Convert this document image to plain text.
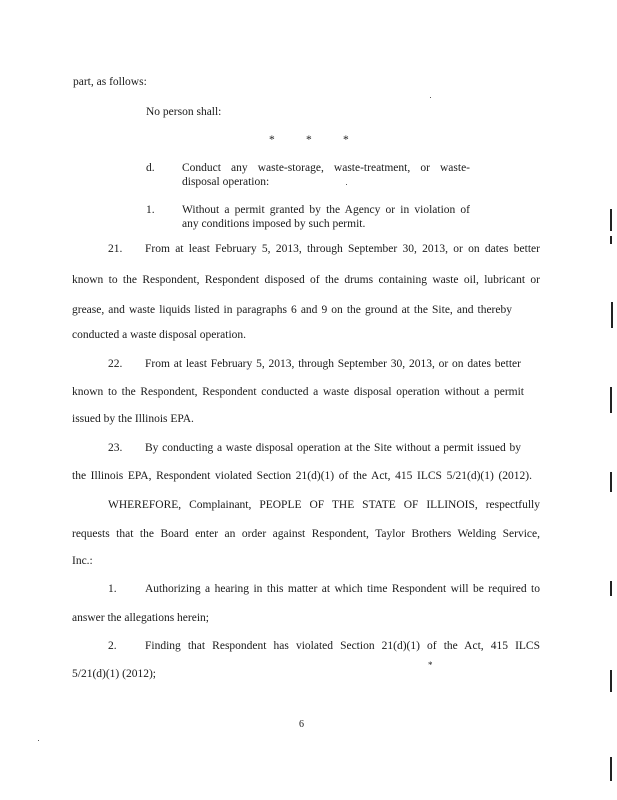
part, as follows:
No person shall:
*	*	*
d. Conduct any waste-storage, waste-treatment, or waste-
disposal operation:
1. Without a permit granted by the Agency or in violation of
any conditions imposed by such permit.
21. From at least February 5, 2013, through September 30, 2013, or on dates better
known to the Respondent, Respondent disposed of the drums containing waste oil, lubricant or
grease, and waste liquids listed in paragraphs 6 and 9 on the ground at the Site, and thereby
conducted a waste disposal operation.
22. From at least February 5, 2013, through September 30, 2013, or on dates better
known to the Respondent, Respondent conducted a waste disposal operation without a permit
issued by the Illinois EPA.
23. By conducting a waste disposal operation at the Site without a permit issued by
the Illinois EPA, Respondent violated Section 21(d)(1) of the Act, 415 ILCS 5/21(d)(1) (2012).
WHEREFORE, Complainant, PEOPLE OF THE STATE OF ILLINOIS, respectfully
requests that the Board enter an order against Respondent, Taylor Brothers Welding Service,
Inc.:
1. Authorizing a hearing in this matter at which time Respondent will be required to
answer the allegations herein;
2. Finding that Respondent has violated Section 21(d)(1) of the Act, 415 ILCS
5/21(d)(1) (2012);
*
6
